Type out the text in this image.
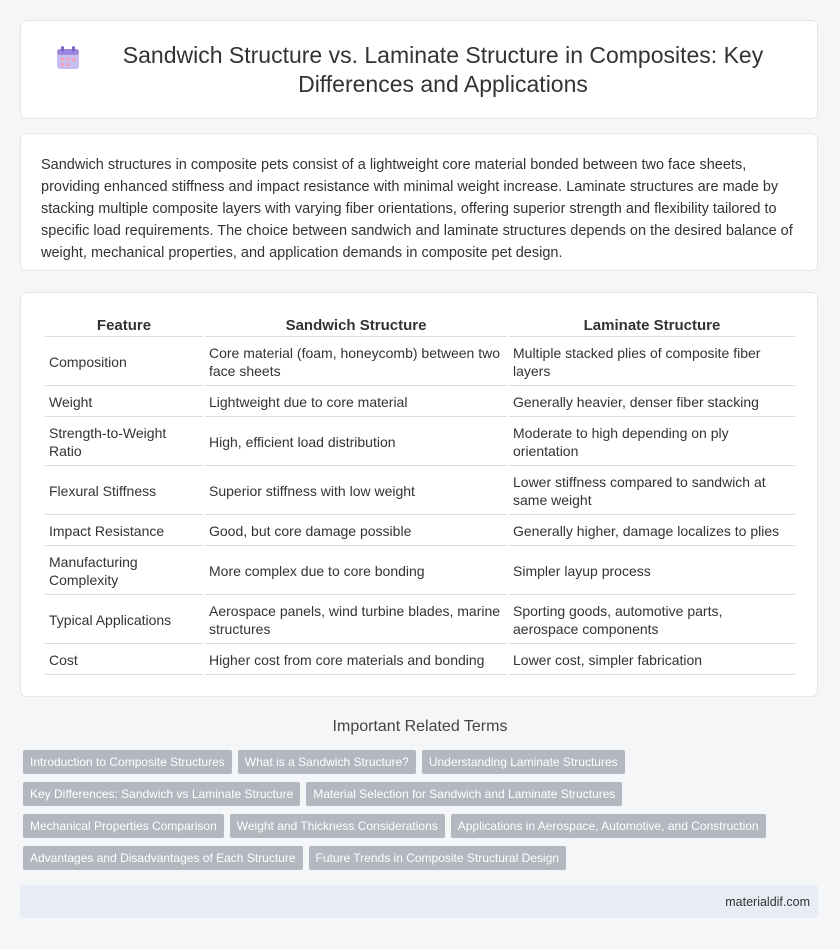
Sandwich Structure vs. Laminate Structure in Composites: Key Differences and Applications

Sandwich structures in composite pets consist of a lightweight core material bonded between two face sheets, providing enhanced stiffness and impact resistance with minimal weight increase. Laminate structures are made by stacking multiple composite layers with varying fiber orientations, offering superior strength and flexibility tailored to specific load requirements. The choice between sandwich and laminate structures depends on the desired balance of weight, mechanical properties, and application demands in composite pet design.

Feature	Sandwich Structure	Laminate Structure
Composition	Core material (foam, honeycomb) between two face sheets	Multiple stacked plies of composite fiber layers
Weight	Lightweight due to core material	Generally heavier, denser fiber stacking
Strength-to-Weight Ratio	High, efficient load distribution	Moderate to high depending on ply orientation
Flexural Stiffness	Superior stiffness with low weight	Lower stiffness compared to sandwich at same weight
Impact Resistance	Good, but core damage possible	Generally higher, damage localizes to plies
Manufacturing Complexity	More complex due to core bonding	Simpler layup process
Typical Applications	Aerospace panels, wind turbine blades, marine structures	Sporting goods, automotive parts, aerospace components
Cost	Higher cost from core materials and bonding	Lower cost, simpler fabrication
Important Related Terms
Introduction to Composite Structures	What is a Sandwich Structure?	Understanding Laminate Structures
Key Differences: Sandwich vs Laminate Structure	Material Selection for Sandwich and Laminate Structures
Mechanical Properties Comparison	Weight and Thickness Considerations	Applications in Aerospace, Automotive, and Construction
Advantages and Disadvantages of Each Structure	Future Trends in Composite Structural Design
materialdif.com
